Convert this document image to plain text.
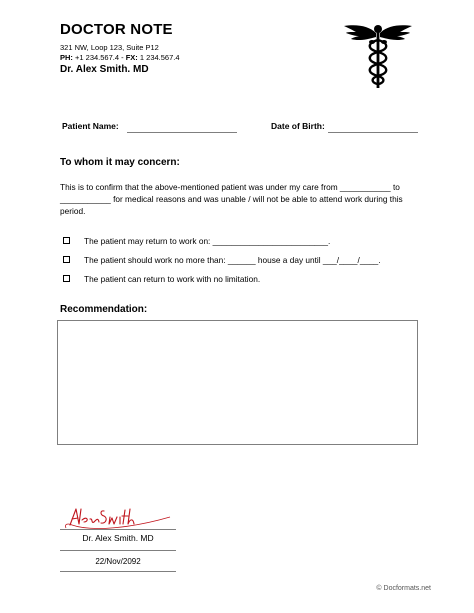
DOCTOR NOTE
321 NW, Loop 123, Suite P12
PH: +1 234.567.4 - FX: 1 234.567.4
Dr. Alex Smith. MD
Patient Name:	Date of Birth:
To whom it may concern:
This is to confirm that the above-mentioned patient was under my care from ___________ to ___________ for medical reasons and was unable / will not be able to attend work during this period.
The patient may return to work on: _________________________.
The patient should work no more than: ______ house a day until ___/____/____.
The patient can return to work with no limitation.
Recommendation:
Dr. Alex Smith. MD
22/Nov/2092
© Docformats.net
